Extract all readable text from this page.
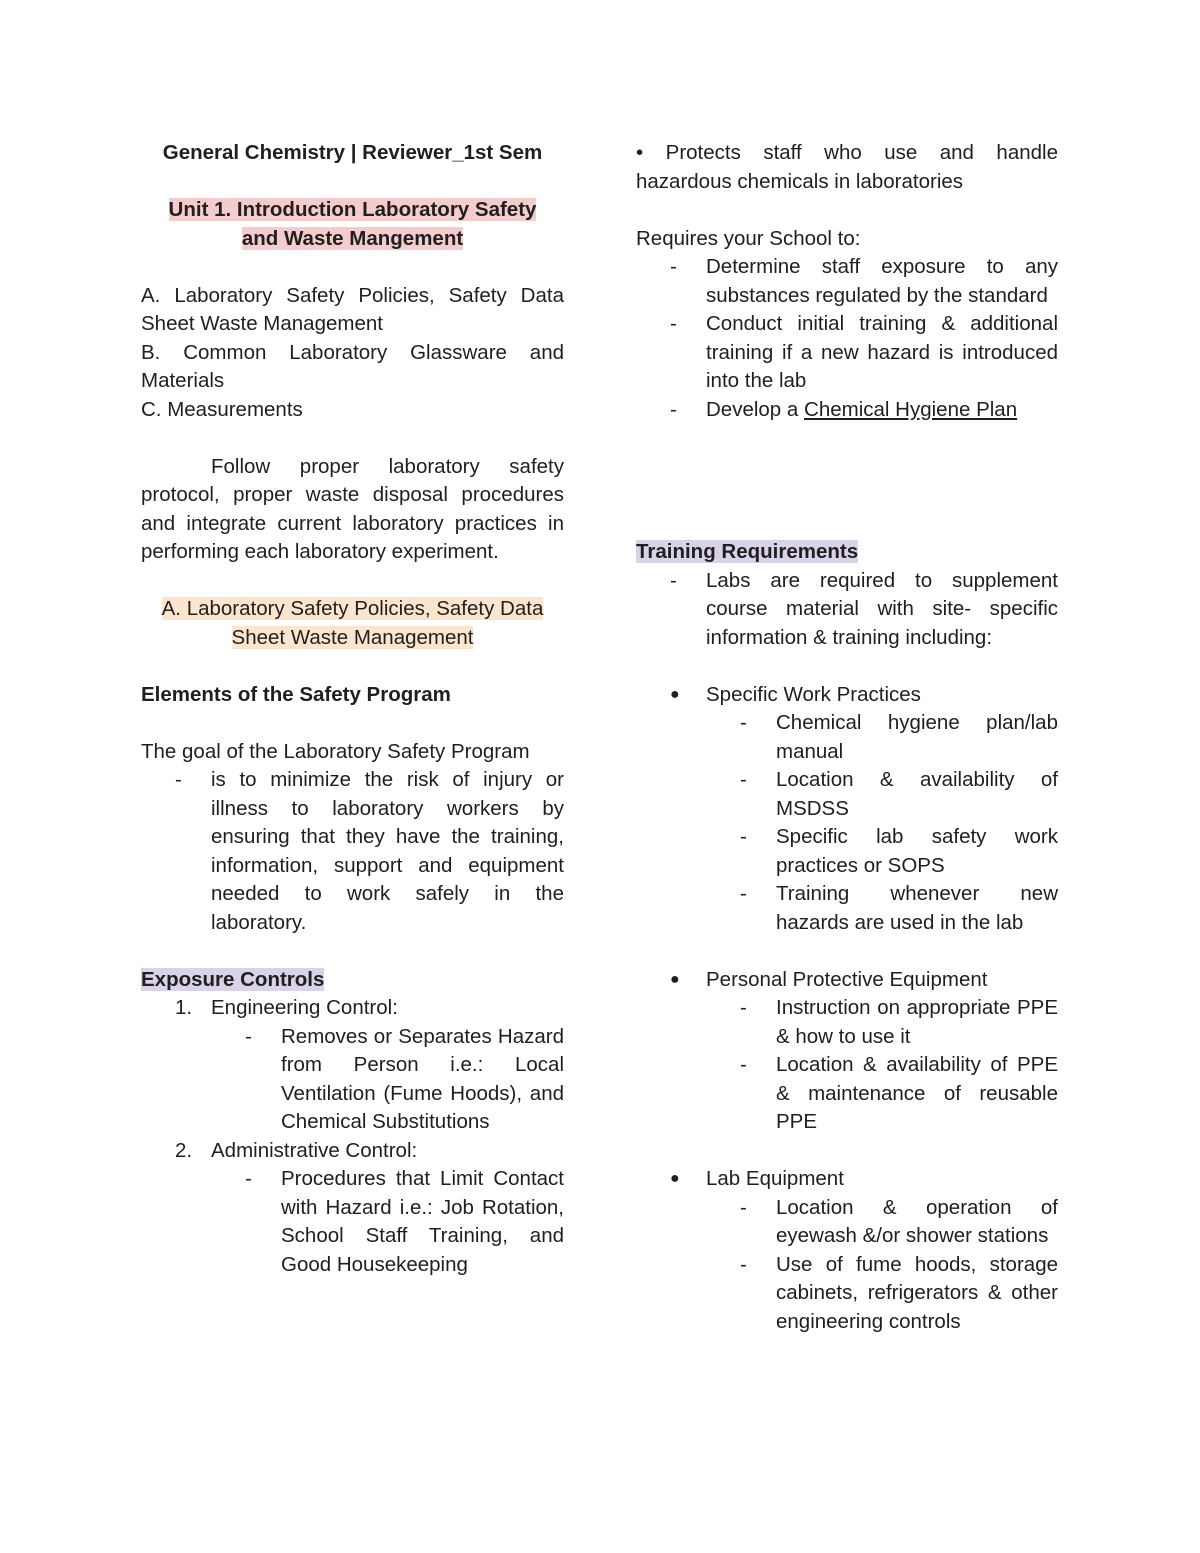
General Chemistry | Reviewer_1st Sem

Unit 1. Introduction Laboratory Safety
and Waste Mangement

A. Laboratory Safety Policies, Safety Data Sheet Waste Management

B. Common Laboratory Glassware and Materials

C. Measurements

Follow proper laboratory safety protocol, proper waste disposal procedures and integrate current laboratory practices in performing each laboratory experiment.

A. Laboratory Safety Policies, Safety Data
Sheet Waste Management

Elements of the Safety Program

The goal of the Laboratory Safety Program

-	is to minimize the risk of injury or illness to laboratory workers by ensuring that they have the training, information, support and equipment needed to work safely in the laboratory.

Exposure Controls

1. Engineering Control:
-	Removes or Separates Hazard from Person i.e.: Local Ventilation (Fume Hoods), and Chemical Substitutions
2. Administrative Control:
-	Procedures that Limit Contact with Hazard i.e.: Job Rotation, School Staff Training, and Good Housekeeping

• Protects staff who use and handle hazardous chemicals in laboratories

Requires your School to:

-	Determine staff exposure to any substances regulated by the standard
-	Conduct initial training & additional training if a new hazard is introduced into the lab
-	Develop a Chemical Hygiene Plan

Training Requirements

-	Labs are required to supplement course material with site- specific information & training including:
●	Specific Work Practices
-	Chemical hygiene plan/lab manual
-	Location & availability of MSDSS
-	Specific lab safety work practices or SOPS
-	Training whenever new hazards are used in the lab
●	Personal Protective Equipment
-	Instruction on appropriate PPE & how to use it
-	Location & availability of PPE & maintenance of reusable PPE
●	Lab Equipment
-	Location & operation of eyewash &/or shower stations
-	Use of fume hoods, storage cabinets, refrigerators & other engineering controls
